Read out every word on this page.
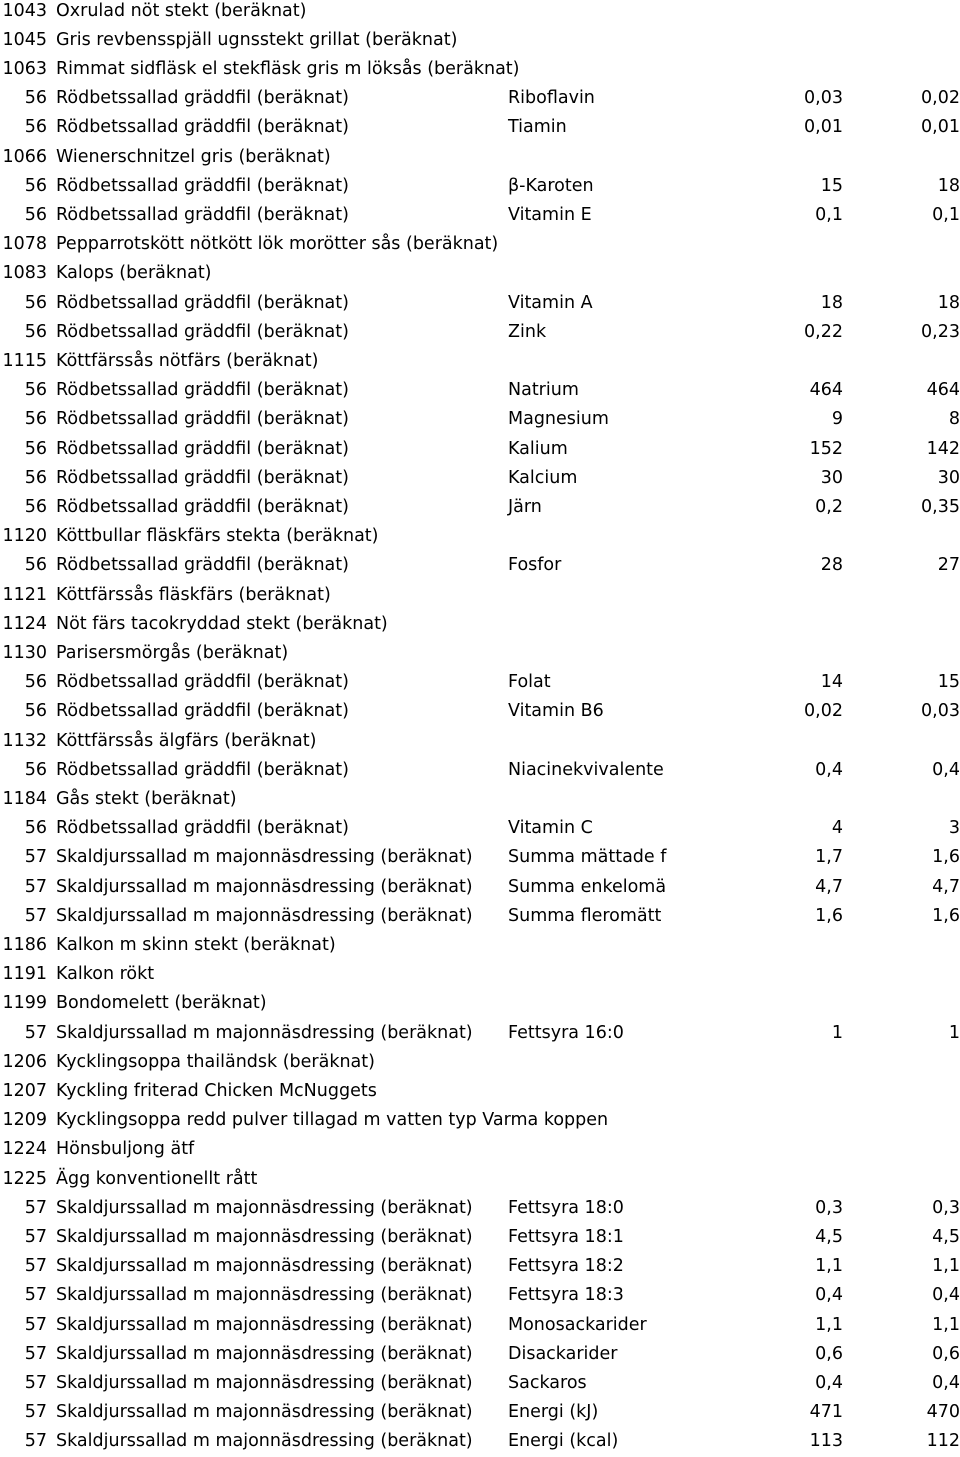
1043 Oxrulad nöt stekt (beräknat)
1045 Gris revbensspjäll ugnsstekt grillat (beräknat)
1063 Rimmat sidfläsk el stekfläsk gris m löksås (beräknat)
56 Rödbetssallad gräddfil (beräknat)	Riboflavin	0,03	0,02
56 Rödbetssallad gräddfil (beräknat)	Tiamin	0,01	0,01
1066 Wienerschnitzel gris (beräknat)
56 Rödbetssallad gräddfil (beräknat)	β-Karoten	15	18
56 Rödbetssallad gräddfil (beräknat)	Vitamin E	0,1	0,1
1078 Pepparrotskött nötkött lök morötter sås (beräknat)
1083 Kalops (beräknat)
56 Rödbetssallad gräddfil (beräknat)	Vitamin A	18	18
56 Rödbetssallad gräddfil (beräknat)	Zink	0,22	0,23
1115 Köttfärssås nötfärs (beräknat)
56 Rödbetssallad gräddfil (beräknat)	Natrium	464	464
56 Rödbetssallad gräddfil (beräknat)	Magnesium	9	8
56 Rödbetssallad gräddfil (beräknat)	Kalium	152	142
56 Rödbetssallad gräddfil (beräknat)	Kalcium	30	30
56 Rödbetssallad gräddfil (beräknat)	Järn	0,2	0,35
1120 Köttbullar fläskfärs stekta (beräknat)
56 Rödbetssallad gräddfil (beräknat)	Fosfor	28	27
1121 Köttfärssås fläskfärs (beräknat)
1124 Nöt färs tacokryddad stekt (beräknat)
1130 Parisersmörgås (beräknat)
56 Rödbetssallad gräddfil (beräknat)	Folat	14	15
56 Rödbetssallad gräddfil (beräknat)	Vitamin B6	0,02	0,03
1132 Köttfärssås älgfärs (beräknat)
56 Rödbetssallad gräddfil (beräknat)	Niacinekvivalente	0,4	0,4
1184 Gås stekt (beräknat)
56 Rödbetssallad gräddfil (beräknat)	Vitamin C	4	3
57 Skaldjurssallad m majonnäsdressing (beräknat)	Summa mättade f	1,7	1,6
57 Skaldjurssallad m majonnäsdressing (beräknat)	Summa enkelomä	4,7	4,7
57 Skaldjurssallad m majonnäsdressing (beräknat)	Summa fleromätt	1,6	1,6
1186 Kalkon m skinn stekt (beräknat)
1191 Kalkon rökt
1199 Bondomelett (beräknat)
57 Skaldjurssallad m majonnäsdressing (beräknat)	Fettsyra 16:0	1	1
1206 Kycklingsoppa thailändsk (beräknat)
1207 Kyckling friterad Chicken McNuggets
1209 Kycklingsoppa redd pulver tillagad m vatten typ Varma koppen
1224 Hönsbuljong ätf
1225 Ägg konventionellt rått
57 Skaldjurssallad m majonnäsdressing (beräknat)	Fettsyra 18:0	0,3	0,3
57 Skaldjurssallad m majonnäsdressing (beräknat)	Fettsyra 18:1	4,5	4,5
57 Skaldjurssallad m majonnäsdressing (beräknat)	Fettsyra 18:2	1,1	1,1
57 Skaldjurssallad m majonnäsdressing (beräknat)	Fettsyra 18:3	0,4	0,4
57 Skaldjurssallad m majonnäsdressing (beräknat)	Monosackarider	1,1	1,1
57 Skaldjurssallad m majonnäsdressing (beräknat)	Disackarider	0,6	0,6
57 Skaldjurssallad m majonnäsdressing (beräknat)	Sackaros	0,4	0,4
57 Skaldjurssallad m majonnäsdressing (beräknat)	Energi (kJ)	471	470
57 Skaldjurssallad m majonnäsdressing (beräknat)	Energi (kcal)	113	112
